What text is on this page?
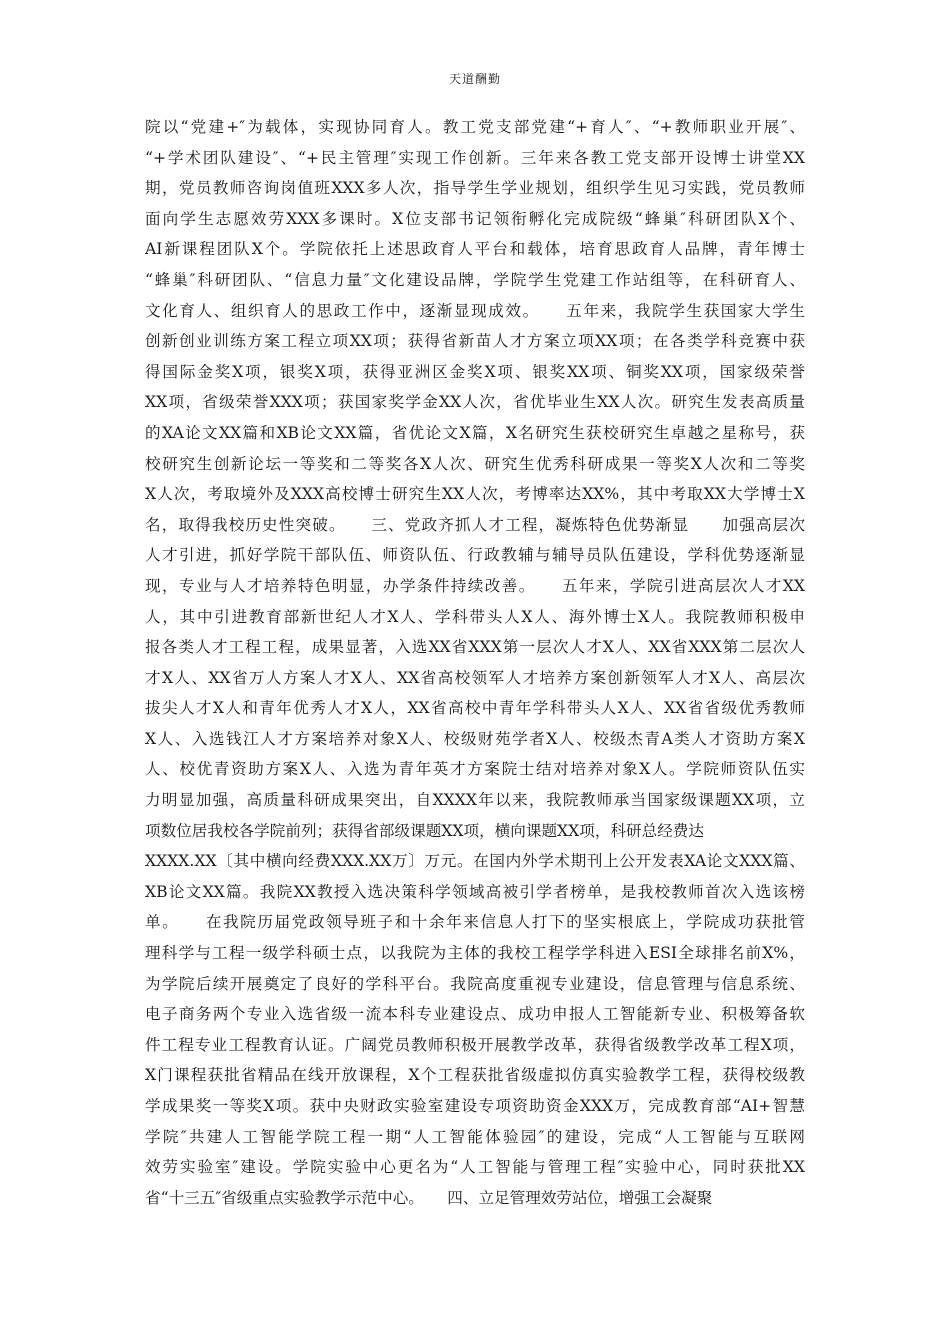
天道酬勤
院以“党建+″为载体，实现协同育人。教工党支部党建“+育人″、“+教师职业开展″、
“+学术团队建设″、“+民主管理″实现工作创新。三年来各教工党支部开设博士讲堂XX
期，党员教师咨询岗值班XXX多人次，指导学生学业规划，组织学生见习实践，党员教师
面向学生志愿效劳XXX多课时。X位支部书记领衔孵化完成院级“蜂巢″科研团队X个、
AI新课程团队X个。学院依托上述思政育人平台和载体，培育思政育人品牌，青年博士
“蜂巢″科研团队、“信息力量″文化建设品牌，学院学生党建工作站组等，在科研育人、
文化育人、组织育人的思政工作中，逐渐显现成效。　　五年来，我院学生获国家大学生
创新创业训练方案工程立项XX项；获得省新苗人才方案立项XX项；在各类学科竞赛中获
得国际金奖X项，银奖X项，获得亚洲区金奖X项、银奖XX项、铜奖XX项，国家级荣誉
XX项，省级荣誉XXX项；获国家奖学金XX人次，省优毕业生XX人次。研究生发表高质量
的XA论文XX篇和XB论文XX篇，省优论文X篇，X名研究生获校研究生卓越之星称号，获
校研究生创新论坛一等奖和二等奖各X人次、研究生优秀科研成果一等奖X人次和二等奖
X人次，考取境外及XXX高校博士研究生XX人次，考博率达XX%，其中考取XX大学博士X
名，取得我校历史性突破。　　三、党政齐抓人才工程，凝炼特色优势渐显　　加强高层次
人才引进，抓好学院干部队伍、师资队伍、行政教辅与辅导员队伍建设，学科优势逐渐显
现，专业与人才培养特色明显，办学条件持续改善。　　五年来，学院引进高层次人才XX
人，其中引进教育部新世纪人才X人、学科带头人X人、海外博士X人。我院教师积极申
报各类人才工程工程，成果显著，入选XX省XXX第一层次人才X人、XX省XXX第二层次人
才X人、XX省万人方案人才X人、XX省高校领军人才培养方案创新领军人才X人、高层次
拔尖人才X人和青年优秀人才X人，XX省高校中青年学科带头人X人、XX省省级优秀教师
X人、入选钱江人才方案培养对象X人、校级财苑学者X人、校级杰青A类人才资助方案X
人、校优青资助方案X人、入选为青年英才方案院士结对培养对象X人。学院师资队伍实
力明显加强，高质量科研成果突出，自XXXX年以来，我院教师承当国家级课题XX项，立
项数位居我校各学院前列；获得省部级课题XX项，横向课题XX项，科研总经费达
XXXX.XX〔其中横向经费XXX.XX万〕万元。在国内外学术期刊上公开发表XA论文XXX篇、
XB论文XX篇。我院XX教授入选决策科学领域高被引学者榜单，是我校教师首次入选该榜
单。　　在我院历届党政领导班子和十余年来信息人打下的坚实根底上，学院成功获批管
理科学与工程一级学科硕士点，以我院为主体的我校工程学学科进入ESI全球排名前X%，
为学院后续开展奠定了良好的学科平台。我院高度重视专业建设，信息管理与信息系统、
电子商务两个专业入选省级一流本科专业建设点、成功申报人工智能新专业、积极筹备软
件工程专业工程教育认证。广阔党员教师积极开展教学改革，获得省级教学改革工程X项，
X门课程获批省精品在线开放课程，X个工程获批省级虚拟仿真实验教学工程，获得校级教
学成果奖一等奖X项。获中央财政实验室建设专项资助资金XXX万，完成教育部“AI+智慧
学院″共建人工智能学院工程一期“人工智能体验园″的建设，完成“人工智能与互联网
效劳实验室″建设。学院实验中心更名为“人工智能与管理工程″实验中心，同时获批XX
省“十三五″省级重点实验教学示范中心。　　四、立足管理效劳站位，增强工会凝聚
